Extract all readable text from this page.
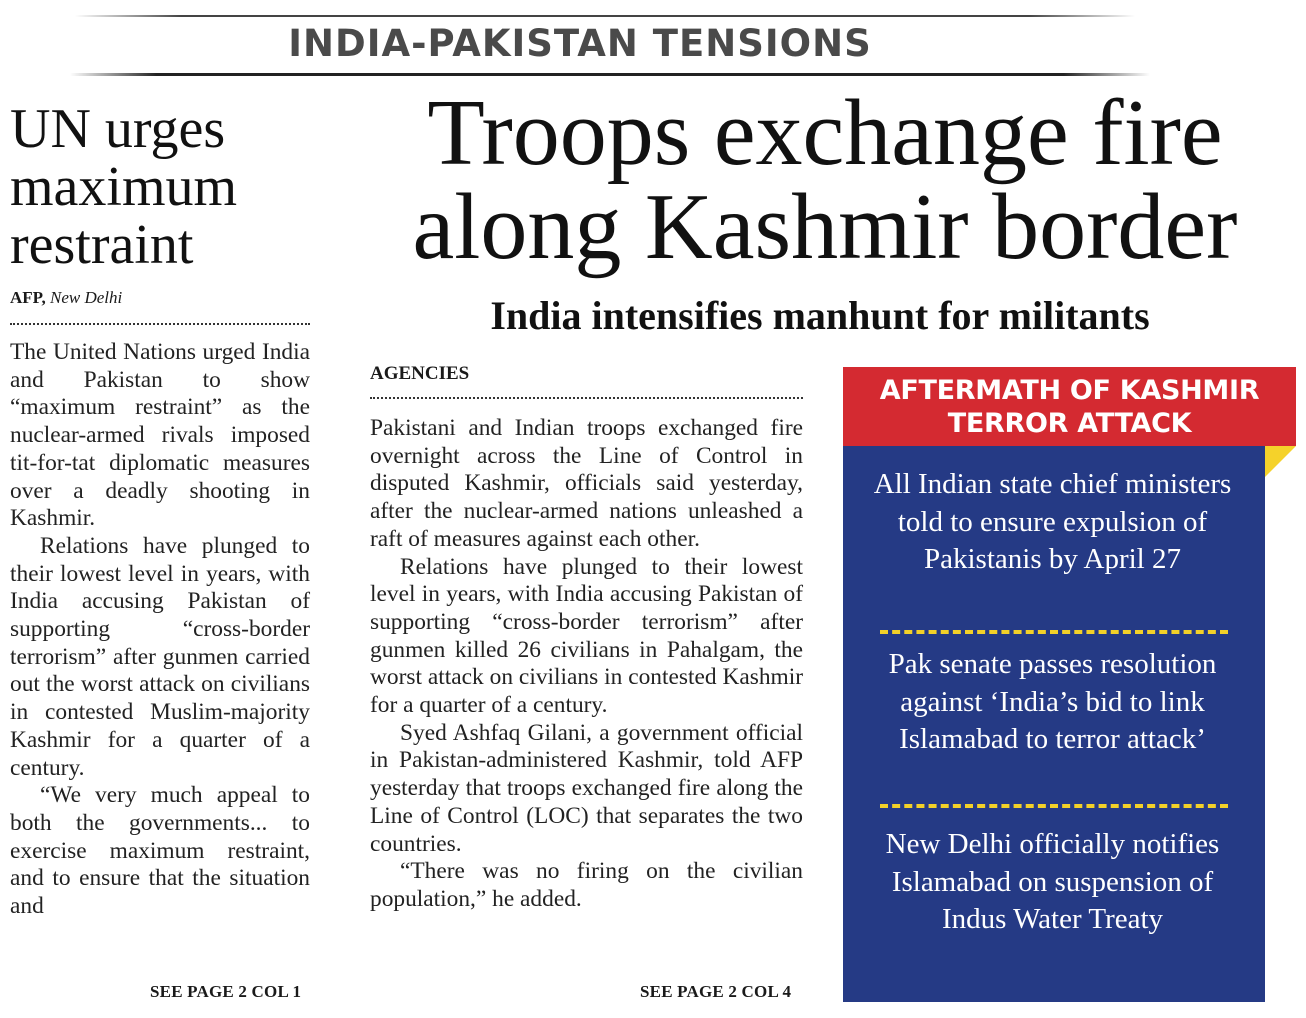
INDIA-PAKISTAN TENSIONS
UN urges maximum restraint
AFP, New Delhi

The United Nations urged India and Pakistan to show “maximum restraint” as the nuclear-armed rivals imposed tit-for-tat diplomatic measures over a deadly shooting in Kashmir.

Relations have plunged to their lowest level in years, with India accusing Pakistan of supporting “cross-border terrorism” after gunmen carried out the worst attack on civilians in contested Muslim-majority Kashmir for a quarter of a century.

“We very much appeal to both the governments... to exercise maximum restraint, and to ensure that the situation and

SEE PAGE 2 COL 1
Troops exchange fire along Kashmir border
India intensifies manhunt for militants
AGENCIES

Pakistani and Indian troops exchanged fire overnight across the Line of Control in disputed Kashmir, officials said yesterday, after the nuclear-armed nations unleashed a raft of measures against each other.

Relations have plunged to their lowest level in years, with India accusing Pakistan of supporting “cross-border terrorism” after gunmen killed 26 civilians in Pahalgam, the worst attack on civilians in contested Kashmir for a quarter of a century.

Syed Ashfaq Gilani, a government official in Pakistan-administered Kashmir, told AFP yesterday that troops exchanged fire along the Line of Control (LOC) that separates the two countries.

“There was no firing on the civilian population,” he added.

SEE PAGE 2 COL 4
AFTERMATH OF KASHMIR TERROR ATTACK
All Indian state chief ministers told to ensure expulsion of Pakistanis by April 27
Pak senate passes resolution against ‘India’s bid to link Islamabad to terror attack’
New Delhi officially notifies Islamabad on suspension of Indus Water Treaty
